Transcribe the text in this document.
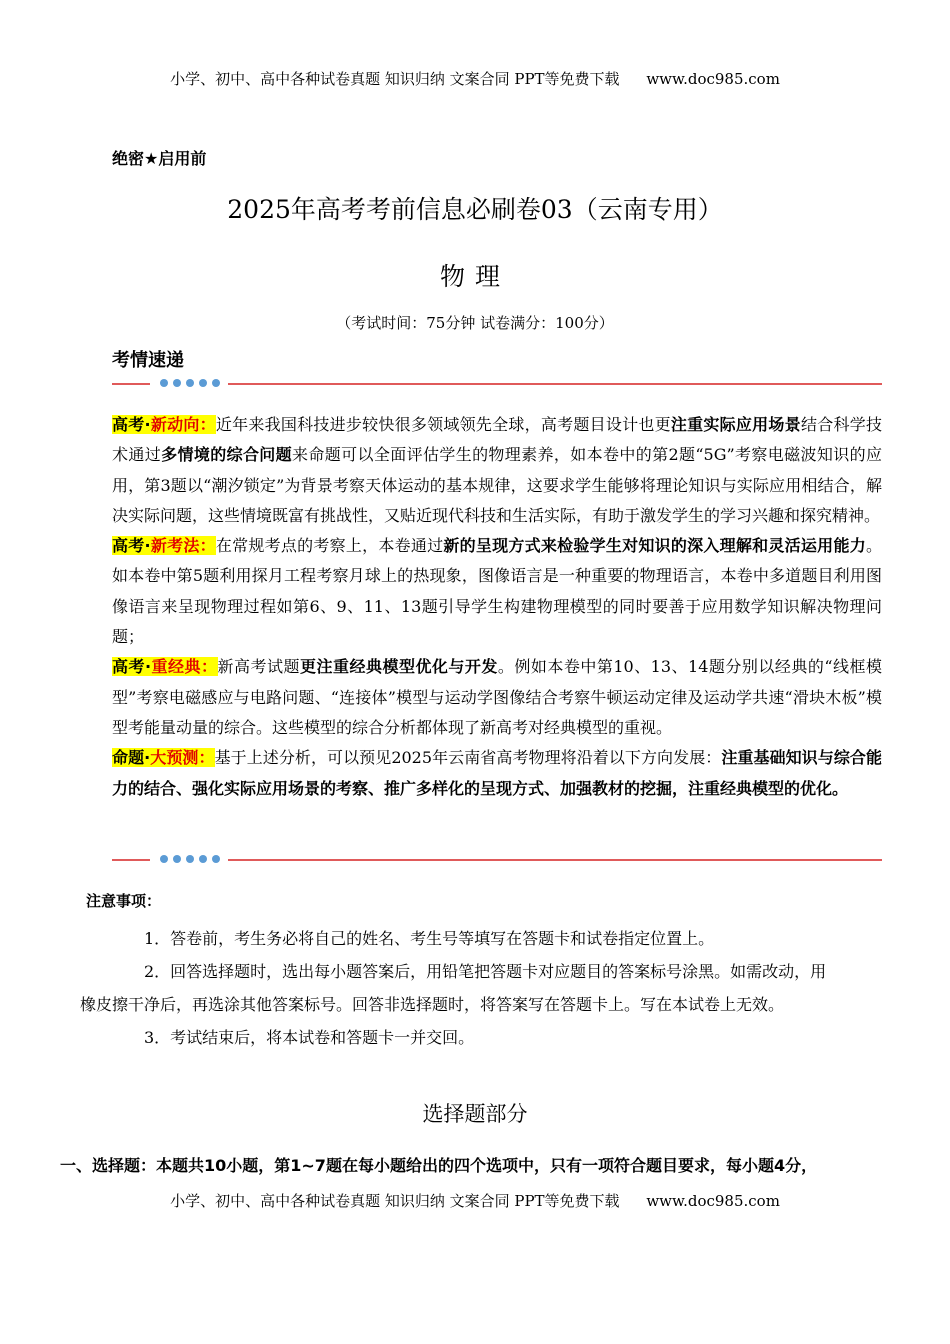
小学、初中、高中各种试卷真题 知识归纳 文案合同 PPT等免费下载 www.doc985.com
绝密★启用前
2025年高考考前信息必刷卷03（云南专用）
物理
（考试时间：75分钟 试卷满分：100分）
考情速递

高考·新动向：近年来我国科技进步较快很多领域领先全球，高考题目设计也更注重实际应用场景结合科学技术通过多情境的综合问题来命题可以全面评估学生的物理素养，如本卷中的第2题“5G”考察电磁波知识的应用，第3题以“潮汐锁定”为背景考察天体运动的基本规律，这要求学生能够将理论知识与实际应用相结合，解决实际问题，这些情境既富有挑战性，又贴近现代科技和生活实际，有助于激发学生的学习兴趣和探究精神。

高考·新考法：在常规考点的考察上，本卷通过新的呈现方式来检验学生对知识的深入理解和灵活运用能力。如本卷中第5题利用探月工程考察月球上的热现象，图像语言是一种重要的物理语言，本卷中多道题目利用图像语言来呈现物理过程如第6、9、11、13题引导学生构建物理模型的同时要善于应用数学知识解决物理问题；

高考·重经典：新高考试题更注重经典模型优化与开发。例如本卷中第10、13、14题分别以经典的“线框模型”考察电磁感应与电路问题、“连接体”模型与运动学图像结合考察牛顿运动定律及运动学共速“滑块木板”模型考能量动量的综合。这些模型的综合分析都体现了新高考对经典模型的重视。

命题·大预测：基于上述分析，可以预见2025年云南省高考物理将沿着以下方向发展：注重基础知识与综合能力的结合、强化实际应用场景的考察、推广多样化的呈现方式、加强教材的挖掘，注重经典模型的优化。

注意事项：

1．答卷前，考生务必将自己的姓名、考生号等填写在答题卡和试卷指定位置上。

2．回答选择题时，选出每小题答案后，用铅笔把答题卡对应题目的答案标号涂黑。如需改动，用

橡皮擦干净后，再选涂其他答案标号。回答非选择题时，将答案写在答题卡上。写在本试卷上无效。

3．考试结束后，将本试卷和答题卡一并交回。

选择题部分
一、选择题：本题共10小题，第1~7题在每小题给出的四个选项中，只有一项符合题目要求，每小题4分，
小学、初中、高中各种试卷真题 知识归纳 文案合同 PPT等免费下载 www.doc985.com
